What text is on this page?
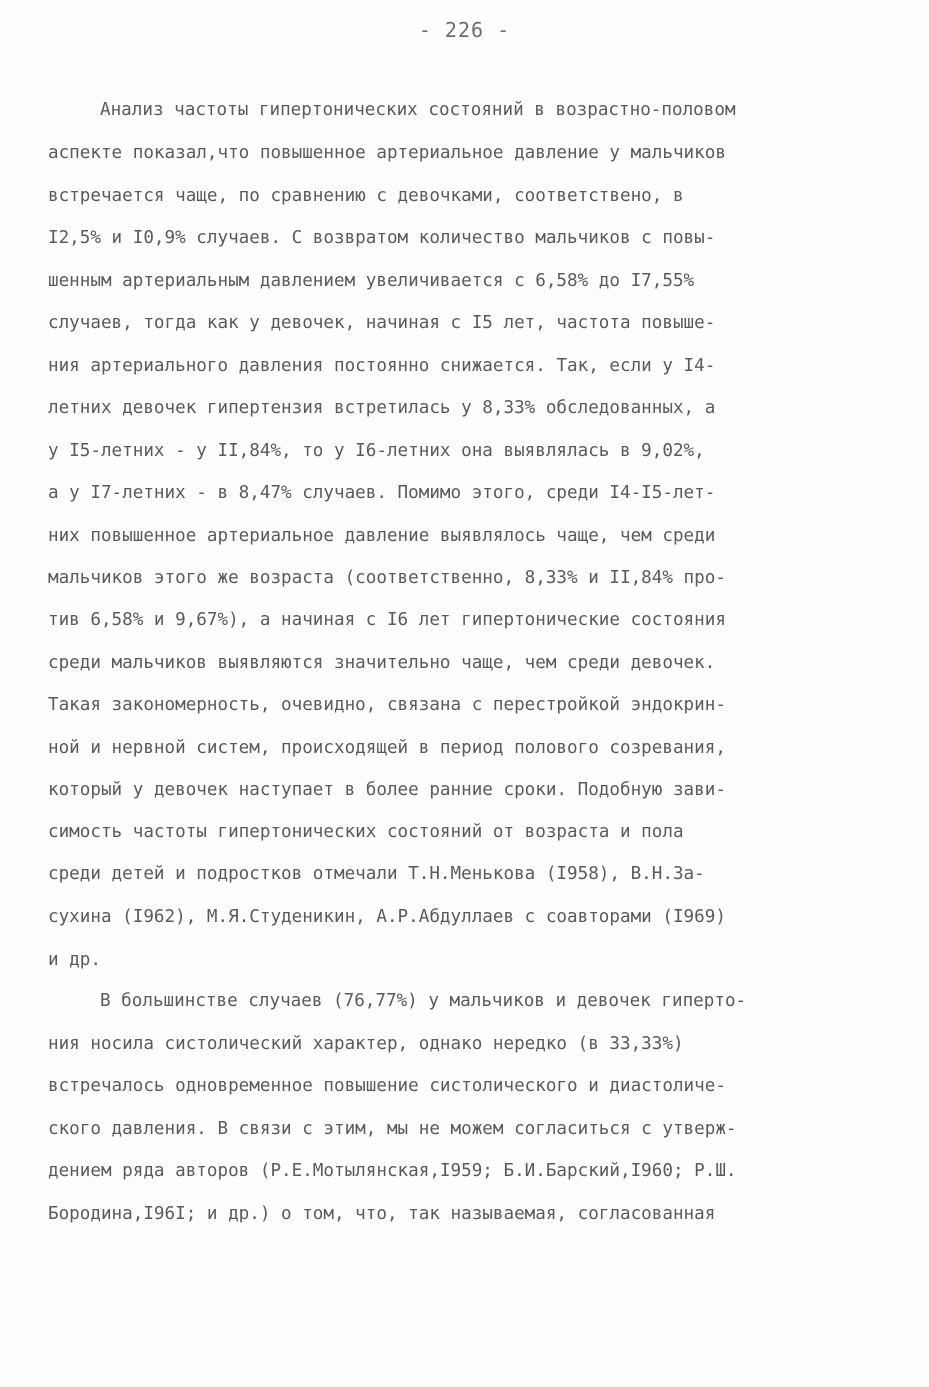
- 226 -
Анализ частоты гипертонических состояний в возрастно-половом
аспекте показал,что повышенное артериальное давление у мальчиков
встречается чаще, по сравнению с девочками, соответствено, в
I2,5% и I0,9% случаев. С возвратом количество мальчиков с повы-
шенным артериальным давлением увеличивается с 6,58% до I7,55%
случаев, тогда как у девочек, начиная с I5 лет, частота повыше-
ния артериального давления постоянно снижается. Так, если у I4-
летних девочек гипертензия встретилась у 8,33% обследованных, а
у I5-летних - у II,84%, то у I6-летних она выявлялась в 9,02%,
а у I7-летних - в 8,47% случаев. Помимо этого, среди I4-I5-лет-
них повышенное артериальное давление выявлялось чаще, чем среди
мальчиков этого же возраста (соответственно, 8,33% и II,84% про-
тив 6,58% и 9,67%), а начиная с I6 лет гипертонические состояния
среди мальчиков выявляются значительно чаще, чем среди девочек.
Такая закономерность, очевидно, связана с перестройкой эндокрин-
ной и нервной систем, происходящей в период полового созревания,
который у девочек наступает в более ранние сроки. Подобную зави-
симость частоты гипертонических состояний от возраста и пола
среди детей и подростков отмечали Т.Н.Менькова (I958), В.Н.За-
сухина (I962), М.Я.Студеникин, А.Р.Абдуллаев с соавторами (I969)
и др.
В большинстве случаев (76,77%) у мальчиков и девочек гиперто-
ния носила систолический характер, однако нередко (в 33,33%)
встречалось одновременное повышение систолического и диастоличе-
ского давления. В связи с этим, мы не можем согласиться с утверж-
дением ряда авторов (Р.Е.Мотылянская,I959; Б.И.Барский,I960; Р.Ш.
Бородина,I96I; и др.) о том, что, так называемая, согласованная
